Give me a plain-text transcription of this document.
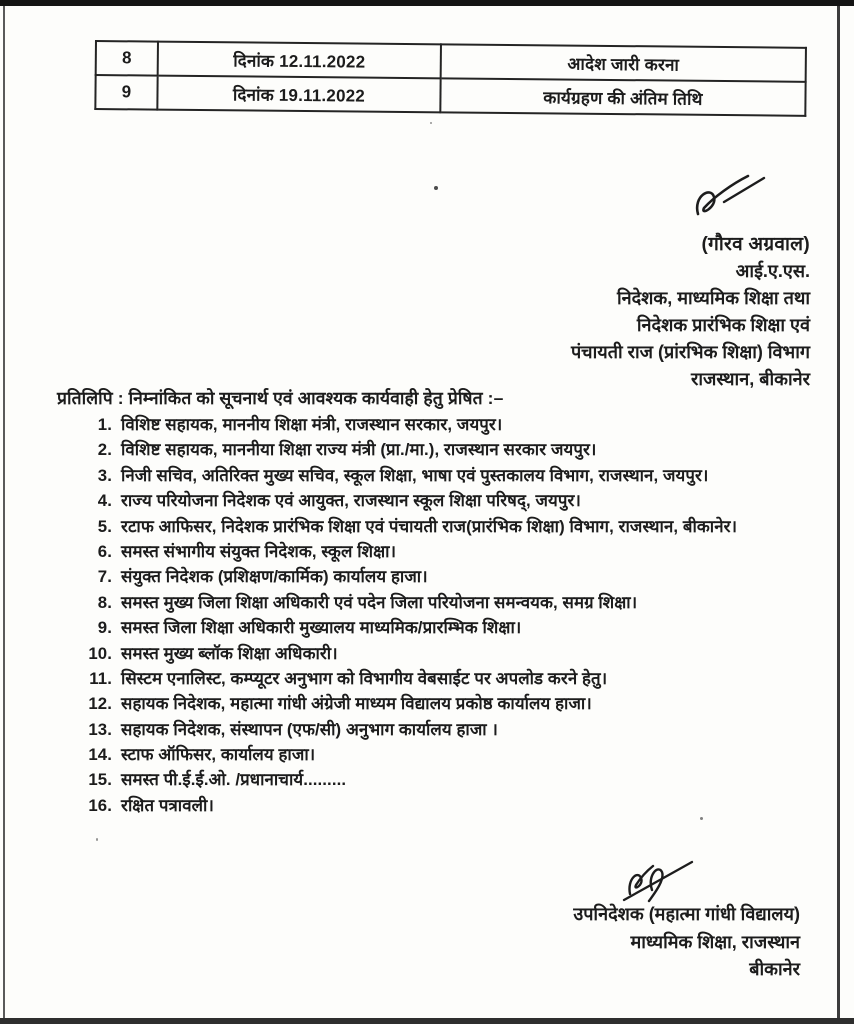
8	दिनांक 12.11.2022	आदेश जारी करना
9	दिनांक 19.11.2022	कार्यग्रहण की अंतिम तिथि
(गौरव अग्रवाल)
आई.ए.एस.
निदेशक, माध्यमिक शिक्षा तथा
निदेशक प्रारंभिक शिक्षा एवं
पंचायती राज (प्रांरभिक शिक्षा) विभाग
राजस्थान, बीकानेर
प्रतिलिपि : निम्नांकित को सूचनार्थ एवं आवश्यक कार्यवाही हेतु प्रेषित :–
1. विशिष्ट सहायक, माननीय शिक्षा मंत्री, राजस्थान सरकार, जयपुर।
2. विशिष्ट सहायक, माननीया शिक्षा राज्य मंत्री (प्रा./मा.), राजस्थान सरकार जयपुर।
3. निजी सचिव, अतिरिक्त मुख्य सचिव, स्कूल शिक्षा, भाषा एवं पुस्तकालय विभाग, राजस्थान, जयपुर।
4. राज्य परियोजना निदेशक एवं आयुक्त, राजस्थान स्कूल शिक्षा परिषद्, जयपुर।
5. रटाफ आफिसर, निदेशक प्रारंभिक शिक्षा एवं पंचायती राज(प्रारंभिक शिक्षा) विभाग, राजस्थान, बीकानेर।
6. समस्त संभागीय संयुक्त निदेशक, स्कूल शिक्षा।
7. संयुक्त निदेशक (प्रशिक्षण/कार्मिक) कार्यालय हाजा।
8. समस्त मुख्य जिला शिक्षा अधिकारी एवं पदेन जिला परियोजना समन्वयक, समग्र शिक्षा।
9. समस्त जिला शिक्षा अधिकारी मुख्यालय माध्यमिक/प्रारम्भिक शिक्षा।
10. समस्त मुख्य ब्लॉक शिक्षा अधिकारी।
11. सिस्टम एनालिस्ट, कम्प्यूटर अनुभाग को विभागीय वेबसाईट पर अपलोड करने हेतु।
12. सहायक निदेशक, महात्मा गांधी अंग्रेजी माध्यम विद्यालय प्रकोष्ठ कार्यालय हाजा।
13. सहायक निदेशक, संस्थापन (एफ/सी) अनुभाग कार्यालय हाजा ।
14. स्टाफ ऑफिसर, कार्यालय हाजा।
15. समस्त पी.ई.ई.ओ. /प्रधानाचार्य.........
16. रक्षित पत्रावली।
उपनिदेशक (महात्मा गांधी विद्यालय)
माध्यमिक शिक्षा, राजस्थान
बीकानेर
